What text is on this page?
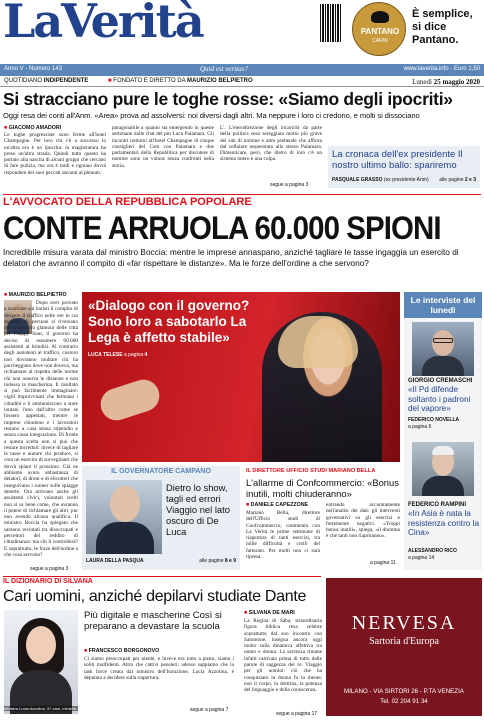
LaVerità	PANTANO
CARNI
È semplice, si dice Pantano.
Anno V - Numero 143	Quid est veritas?	www.laverita.info - Euro 1,50
QUOTIDIANO INDIPENDENTE	■ FONDATO E DIRETTO DA MAURIZIO BELPIETRO	Lunedì 25 maggio 2020
Si stracciano pure le toghe rosse: «Siamo degli ipocriti»
Oggi resa dei conti all'Anm. «Area» prova ad assolversi: noi diversi dagli altri. Ma neppure i loro ci credono, e molti si dissociano
■ GIACOMO AMADORI
Le toghe progressiste sono ferme all'hotel Champagne. Per loro chi c'è a successo in un'altra era è un ipocrita: la magistratura ha preso un'altra strada. Quindi tutto questo ha portato alla nascita di alcuni gruppi che cercano di fare pulizia, ma ora è tardi e ognuno dovrà rispondere dei suoi peccati davanti al plenum.
paragonabile a quanto sta emergendo in queste settimane dalle chat del pm Luca Palamara. Gli incontri notturni all'hotel Champagne di cinque consiglieri del Csm con Palamara e due parlamentari della Repubblica per discutere di nomine sono un vulnus senza confronti nella storia.
L'. L'eterodirezione degli incarichi da parte della politica sesa sereggiata molto più grave del suk di nomine e altre prebende che affiora dal cellulare sequestrato allo stesso Palamara. Dimenticare, però, che dietro di loro c'è un sistema intero è una colpa.
segue a pagina 3
La cronaca dell'ex presidente Il nostro ultimo ballo: spariremo
PASQUALE GRASSO (ex presidente Anm) alle pagine 2 e 3
L'AVVOCATO DELLA REPUBBLICA POPOLARE
CONTE ARRUOLA 60.000 SPIONI
Incredibile misura varata dal ministro Boccia: mentre le imprese annaspano, anziché tagliare le tasse ingaggia un esercito di delatori che avranno il compito di «far rispettare le distanze». Ma le forze dell'ordine a che servono?
■ MAURIZIO BELPIETRO
Dopo aver provato a scaricare sui baristi il compito di dirigere il traffico nelle ore in cui migliaia di persone si riversano nei luoghi più glamour delle città per l'happy hour, il governo ha deciso di assumere 60.000 assistenti al brindisi. Al contrario degli assistenti al traffico, costoro non dovranno multare chi ha parcheggiato dove non doveva, ma richiamare al rispetto delle norme chi non osserva le distanze e non indossa la mascherina. Il risultato si può facilmente immaginare: vigili improvvisati che fermano i cittadini e li ammoniscono a stare lontani l'uno dall'altro come se fossero appestati, mentre le imprese chiudono e i lavoratori restano a casa senza stipendio e senza cassa integrazione. Di fronte a questa scelta non si può che restare increduli: invece di tagliare le tasse e aiutare chi produce, si crea un esercito di sorveglianti che dovrà spiare il prossimo. Già ne abbiamo avuto abbastanza di delatori, di droni e di elicotteri che inseguivano i runner sulle spiagge deserte. Ora arrivano anche gli assistenti civici, volontari scelti non si sa bene come, che avranno il potere di richiamare gli altri, pur non avendo alcuna qualifica. Il ministro Boccia ha spiegato che saranno reclutati tra disoccupati e percettori del reddito di cittadinanza: ma chi li controllerà? E soprattutto, le forze dell'ordine a che cosa servono?
segue a pagina 3
«Dialogo con il governo? Sono loro a sabotarlo La Lega è affetto stabile»
LUCA TELESE a pagina 4
Le interviste del lunedì
GIORGIO CREMASCHI
«Il Pd difende soltanto i padroni del vapore»
FEDERICO NOVELLA
a pagina 6
FEDERICO RAMPINI
«In Asia è nata la resistenza contro la Cina»
ALESSANDRO RICO
a pagina 14
IL GOVERNATORE CAMPANO
Dietro lo show, tagli ed errori Viaggio nel lato oscuro di De Luca
LAURA DELLA PASQUA	alle pagine 8 e 9
IL DIRETTORE UFFICIO STUDI MARIANO BELLA
L'allarme di Confcommercio: «Bonus inutili, molti chiuderanno»
■ DANIELE CAPEZZONE
Mariano Bella, direttore dell'Ufficio studi di Confcommercio, commenta con La Verità le prime settimane di riapertura di tanti esercizi, tra mille difficoltà e crolli del fatturato. Per molti non ci sarà ripresa.
entrando accuratamente nell'analisi dei dati: gli interventi governativi su gli esercizi e fortemente negativi. «Troppi bonus inutili», spiega, «il dramma è che tanti non riapriranno».
a pagina 11
IL DIZIONARIO DI SILVANA
Cari uomini, anziché depilarvi studiate Dante
Ministra Lucia Azzolina, 37 anni, ministro
Più digitale e mascherine Così si preparano a devastare la scuola
■ FRANCESCO BORGONOVO
Ci siamo preoccupati per niente, e invece era tutto a posto, siamo i soliti malfidenti. Altro che cattivi pensieri: adesso sappiamo che la task force creata dal ministro dell'Istruzione, Lucia Azzolina, è deputata a decidere sulla riapertura.
segue a pagina 7
■ SILVANA DE MARI
La Regina di Saba, straordinaria figura biblica resa celebre soprattutto dal suo incontro con Salomone, insegna ancora oggi molto sulla dinamica affettiva tra uomo e donna. La saviezza rimane infatti cattivata prima di tutto dalle parole di saggezza del re. Viaggio per gli uomini: ciò che ha conquistato la donna fu la mente, non il corpo, la dottrina, la potenza del linguaggio e della conoscenza.
segue a pagina 17
NERVESA
Sartoria d'Europa
MILANO - VIA SIRTORI 26 - P.TA VENEZIA
Tel. 02 204 91 34
